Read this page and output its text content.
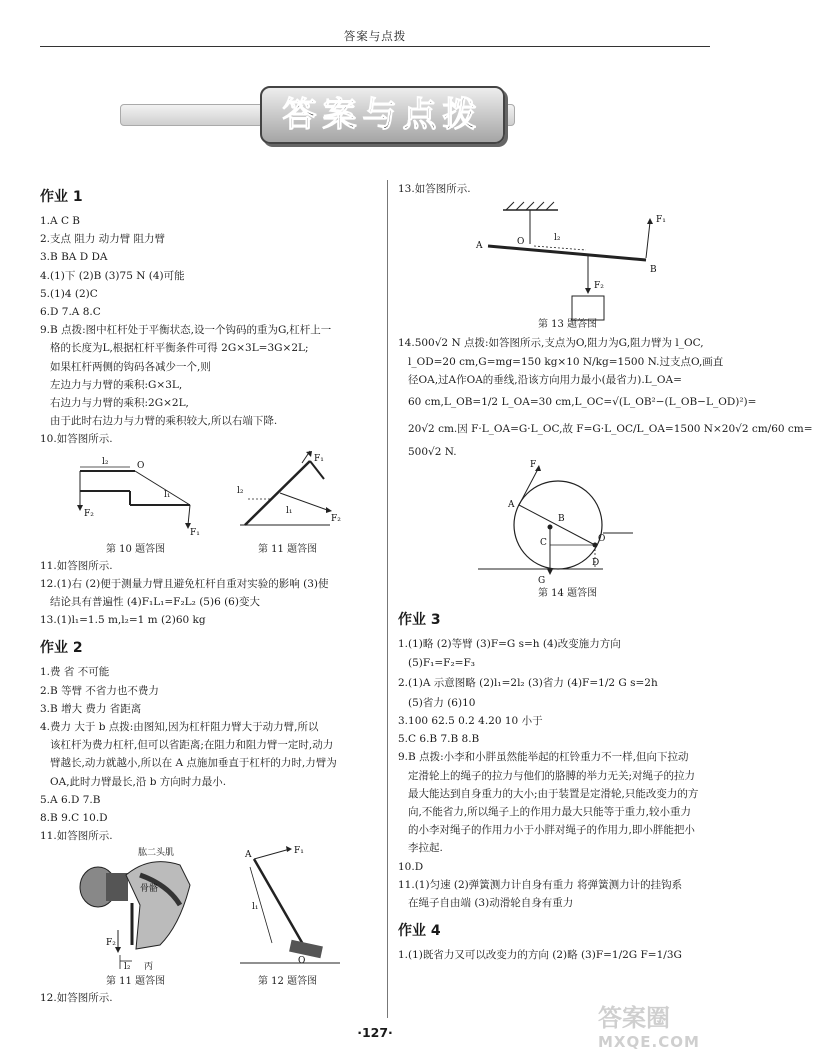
答案与点拨
答案与点拨
作业 1
1.A C B
2.支点 阻力 动力臂 阻力臂
3.B BA D DA
4.(1)下 (2)B (3)75 N (4)可能
5.(1)4 (2)C
6.D 7.A 8.C
9.B 点拨:图中杠杆处于平衡状态,设一个钩码的重为G,杠杆上一
格的长度为L,根据杠杆平衡条件可得 2G×3L=3G×2L;
如果杠杆两侧的钩码各减少一个,则
左边力与力臂的乘积:G×3L,
右边力与力臂的乘积:2G×2L,
由于此时右边力与力臂的乘积较大,所以右端下降.
10.如答图所示.
l₂	O
l₁
F₂
F₁
l₂
l₁
F₁
F₂
第 10 题答图	第 11 题答图
11.如答图所示.
12.(1)右 (2)便于测量力臂且避免杠杆自重对实验的影响 (3)使
结论具有普遍性 (4)F₁L₁=F₂L₂ (5)6 (6)变大
13.(1)l₁=1.5 m,l₂=1 m (2)60 kg
作业 2
1.费 省 不可能
2.B 等臂 不省力也不费力
3.B 增大 费力 省距离
4.费力 大于 b 点拨:由图知,因为杠杆阻力臂大于动力臂,所以
该杠杆为费力杠杆,但可以省距离;在阻力和阻力臂一定时,动力
臂越长,动力就越小,所以在 A 点施加垂直于杠杆的力时,力臂为
OA,此时力臂最长,沿 b 方向时力最小.
5.A 6.D 7.B
8.B 9.C 10.D
11.如答图所示.
肱二头肌
骨骼
F₂
l₂ 丙
A	F₁
l₁
O
第 11 题答图	第 12 题答图
12.如答图所示.
13.如答图所示.
A	O	l₂
F₁
B
F₂
第 13 题答图
14.500√2 N 点拨:如答图所示,支点为O,阻力为G,阻力臂为 l_OC,
l_OD=20 cm,G=mg=150 kg×10 N/kg=1500 N.过支点O,画直
径OA,过A作OA的垂线,沿该方向用力最小(最省力).L_OA=
60 cm,L_OB=1/2 L_OA=30 cm,L_OC=√(L_OB²−(L_OB−L_OD)²)=
20√2 cm.因 F·L_OA=G·L_OC,故 F=G·L_OC/L_OA=1500 N×20√2 cm/60 cm=
500√2 N.
F
A
B
C	O
D
G
第 14 题答图
作业 3
1.(1)略 (2)等臂 (3)F=G s=h (4)改变施力方向
(5)F₁=F₂=F₃
2.(1)A 示意图略 (2)l₁=2l₂ (3)省力 (4)F=1/2 G s=2h
(5)省力 (6)10
3.100 62.5 0.2 4.20 10 小于
5.C 6.B 7.B 8.B
9.B 点拨:小李和小胖虽然能举起的杠铃重力不一样,但向下拉动
定滑轮上的绳子的拉力与他们的胳膊的举力无关;对绳子的拉力
最大能达到自身重力的大小;由于装置是定滑轮,只能改变力的方
向,不能省力,所以绳子上的作用力最大只能等于重力,较小重力
的小李对绳子的作用力小于小胖对绳子的作用力,即小胖能把小
李拉起.
10.D
11.(1)匀速 (2)弹簧测力计自身有重力 将弹簧测力计的挂钩系
在绳子自由端 (3)动滑轮自身有重力
作业 4
1.(1)既省力又可以改变力的方向 (2)略 (3)F=1/2G F=1/3G
·127·
答案圈
MXQE.COM
